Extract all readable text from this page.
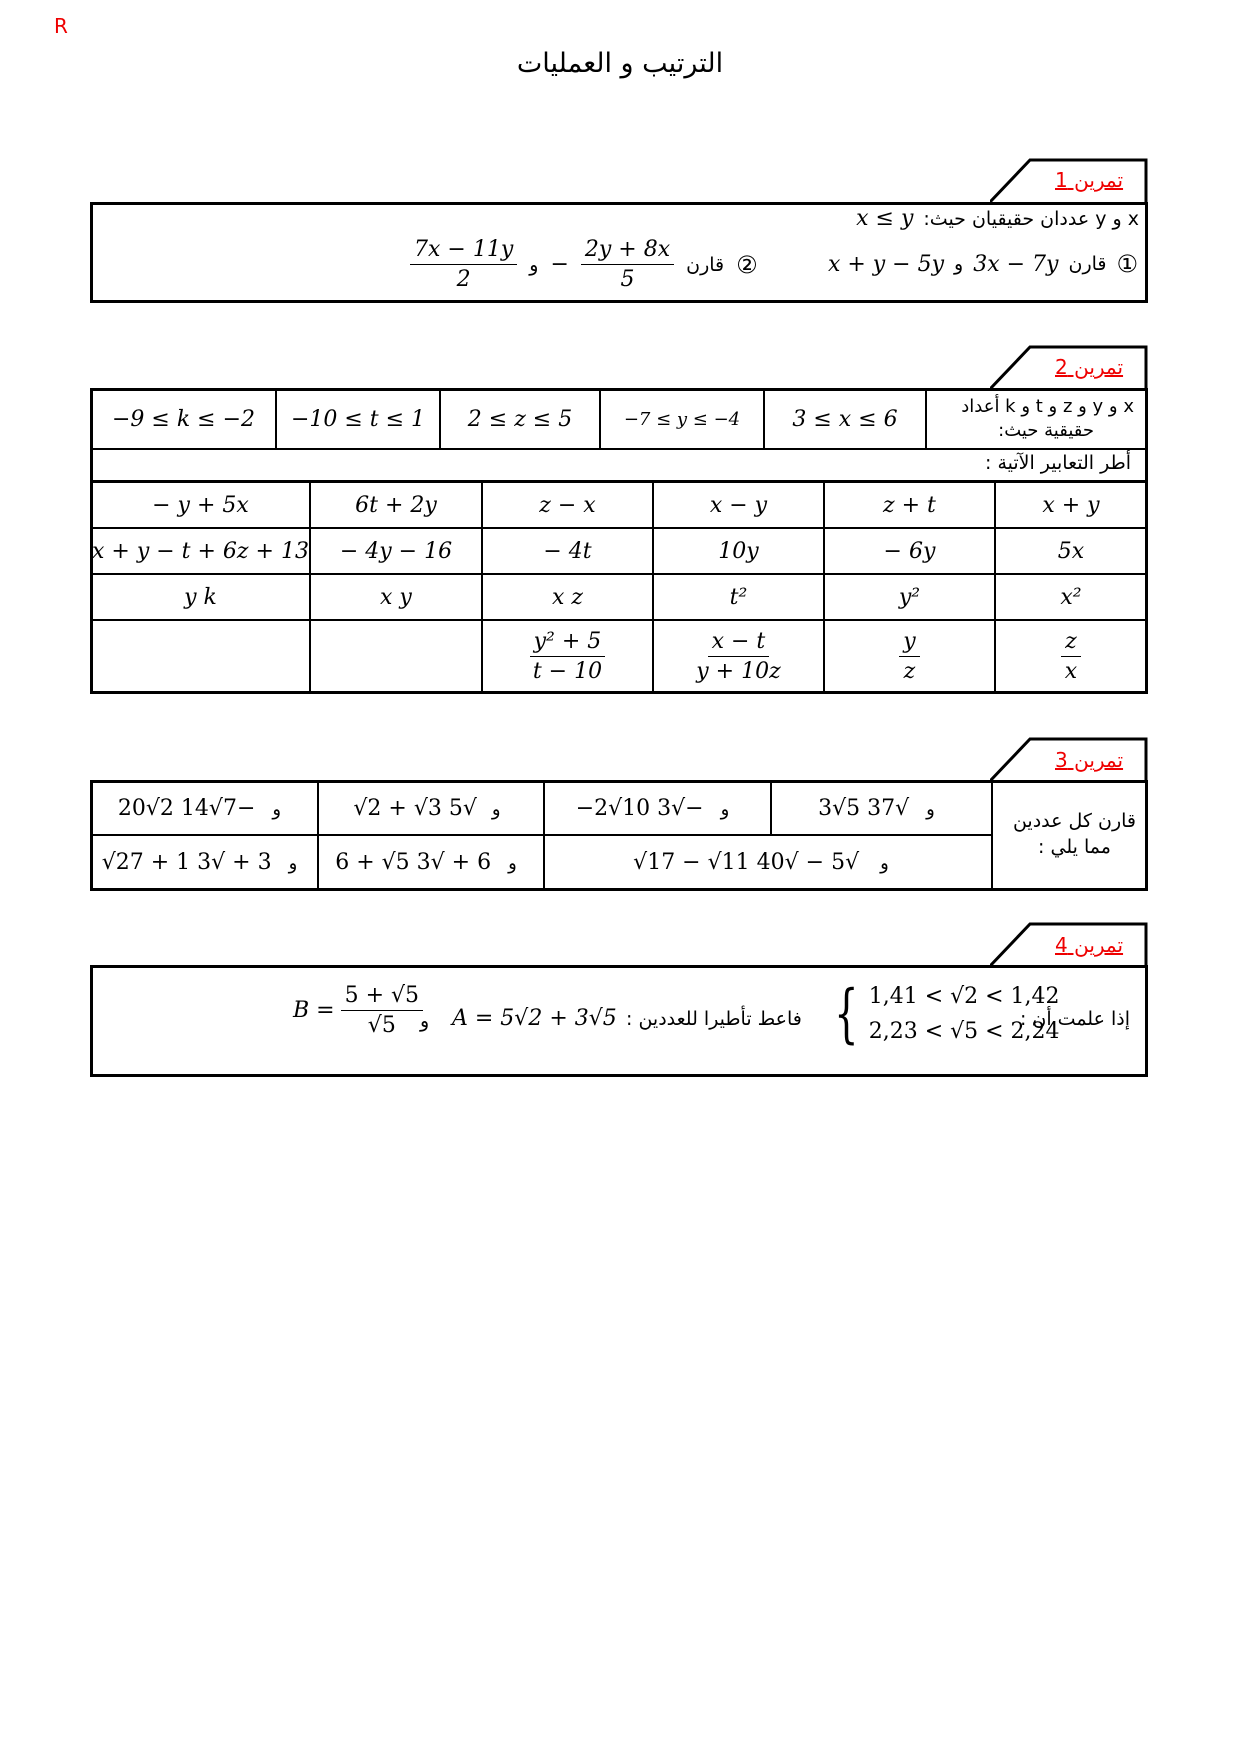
R
الترتيب و العمليات
تمرين 1
x و y عددان حقيقيان حيث:
x ≤ y
①
قارن
3x − 7y
و
x + y − 5y
$\frac{7x - 11y}{2}$ و − $\frac{2y + 8x}{5}$ قارن ②
تمرين 2
−9 ≤ k ≤ −2	−10 ≤ t ≤ 1	2 ≤ z ≤ 5	−7 ≤ y ≤ −4	3 ≤ x ≤ 6	x و y و z و t و k أعداد
حقيقية حيث:
أطر التعابير الآتية :
− y + 5x	6t + 2y	z − x	x − y	z + t	x + y
x + y − t + 6z + 13	− 4y − 16	− 4t	10y	− 6y	5x
y k	x y	x z	t²	y²	x²

		$\frac{\text{y² + 5}}{t - 10}$	$\frac{x - t}{y + 10z}$	$\frac{y}{z}$	$\frac{z}{x}$
تمرين 3
قارن كل عددين
مما يلي :
20√2 و −7√14	√2 + √3 و √5	−2√10 و −√3	3√5 و √37
√27 + 1 و 3 + √3	6 + √5 و 6 + √3	√17 − √11 و √5 − √40	
تمرين 4
إذا علمت أن :
{ 1,41 < √2 < 1,42
2,23 < √5 < 2,24
فاعط تأطيرا للعددين :
A = 5√2 + 3√5
و
$B = \frac{5 + √5}{√5}$
